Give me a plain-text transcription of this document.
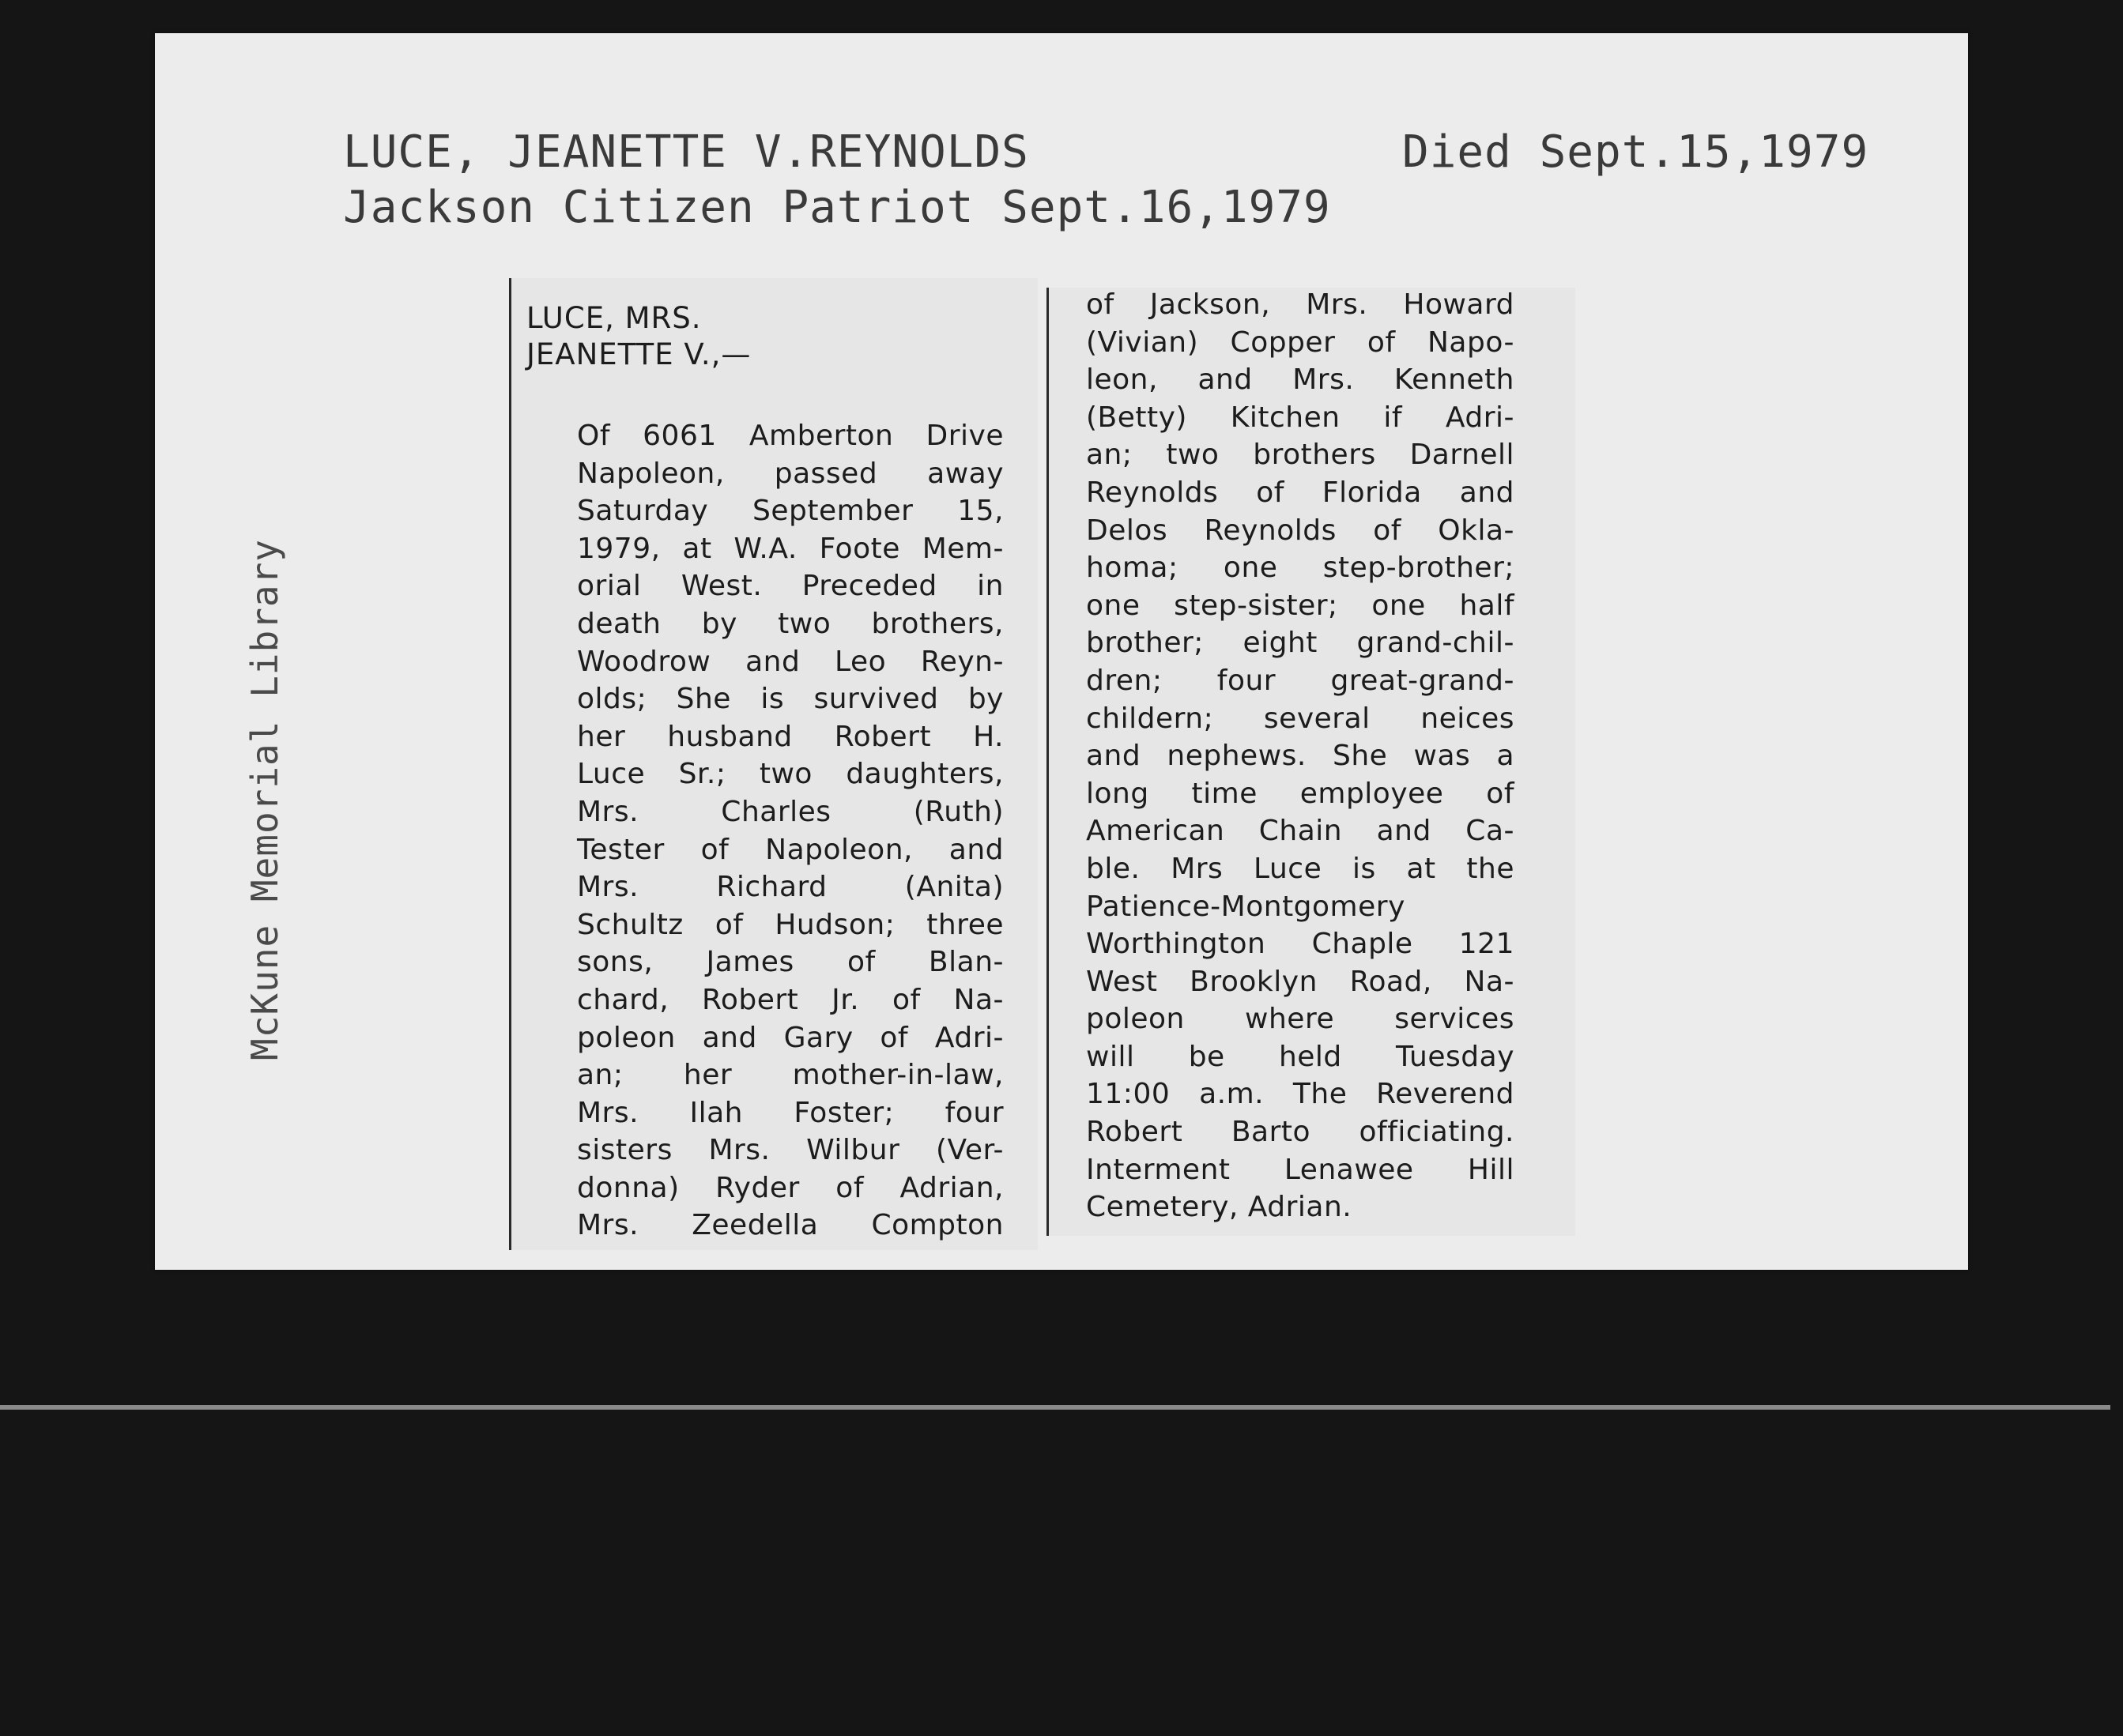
LUCE, JEANETTE V.REYNOLDS	Died Sept.15,1979
Jackson Citizen Patriot Sept.16,1979
McKune Memorial Library
LUCE, MRS.
JEANETTE V.,—
Of 6061 Amberton Drive
Napoleon, passed away
Saturday September 15,
1979, at W.A. Foote Mem-
orial West. Preceded in
death by two brothers,
Woodrow and Leo Reyn-
olds; She is survived by
her husband Robert H.
Luce Sr.; two daughters,
Mrs. Charles (Ruth)
Tester of Napoleon, and
Mrs. Richard (Anita)
Schultz of Hudson; three
sons, James of Blan-
chard, Robert Jr. of Na-
poleon and Gary of Adri-
an; her mother-in-law,
Mrs. Ilah Foster; four
sisters Mrs. Wilbur (Ver-
donna) Ryder of Adrian,
Mrs. Zeedella Compton
of Jackson, Mrs. Howard
(Vivian) Copper of Napo-
leon, and Mrs. Kenneth
(Betty) Kitchen if Adri-
an; two brothers Darnell
Reynolds of Florida and
Delos Reynolds of Okla-
homa; one step-brother;
one step-sister; one half
brother; eight grand-chil-
dren; four great-grand-
childern; several neices
and nephews. She was a
long time employee of
American Chain and Ca-
ble. Mrs Luce is at the
Patience-Montgomery
Worthington Chaple 121
West Brooklyn Road, Na-
poleon where services
will be held Tuesday
11:00 a.m. The Reverend
Robert Barto officiating.
Interment Lenawee Hill
Cemetery, Adrian.
